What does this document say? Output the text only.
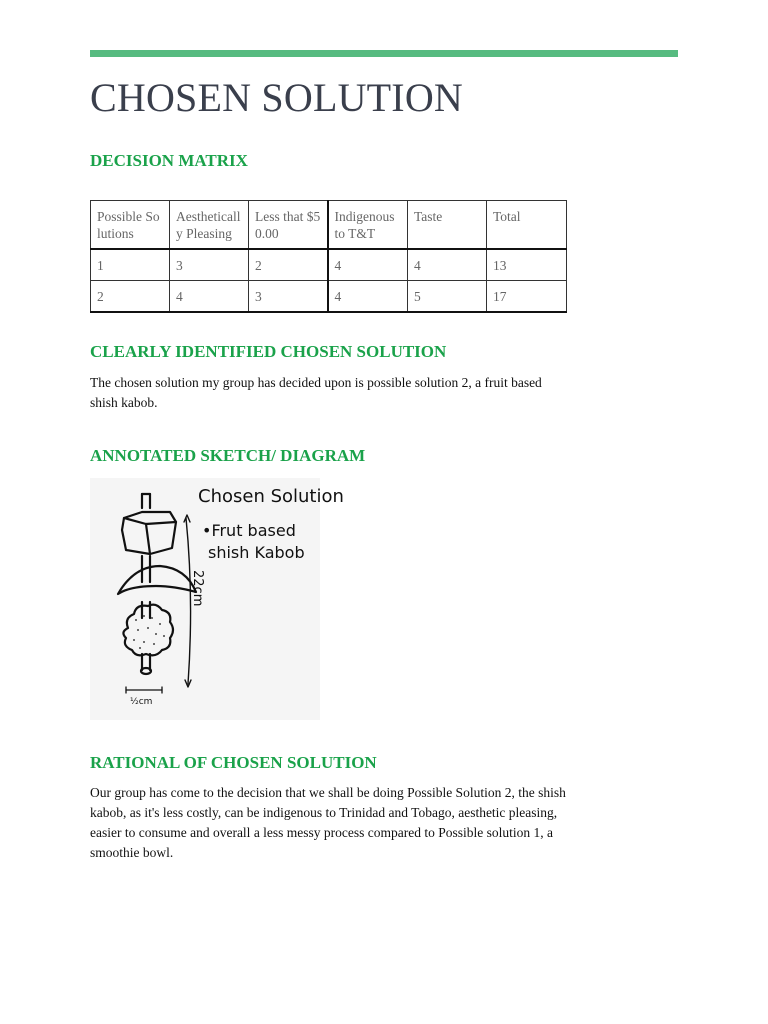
CHOSEN SOLUTION
DECISION MATRIX
Possible Solutions	Aesthetically Pleasing	Less that $50.00	Indigenous to T&T	Taste	Total
1	3	2	4	4	13
2	4	3	4	5	17
CLEARLY IDENTIFIED CHOSEN SOLUTION

The chosen solution my group has decided upon is possible solution 2, a fruit based shish kabob.

ANNOTATED SKETCH/ DIAGRAM
Chosen Solution
•Frut based
shish Kabob
22cm
½cm
RATIONAL OF CHOSEN SOLUTION

Our group has come to the decision that we shall be doing Possible Solution 2, the shish kabob, as it's less costly, can be indigenous to Trinidad and Tobago, aesthetic pleasing, easier to consume and overall a less messy process compared to Possible solution 1, a smoothie bowl.
